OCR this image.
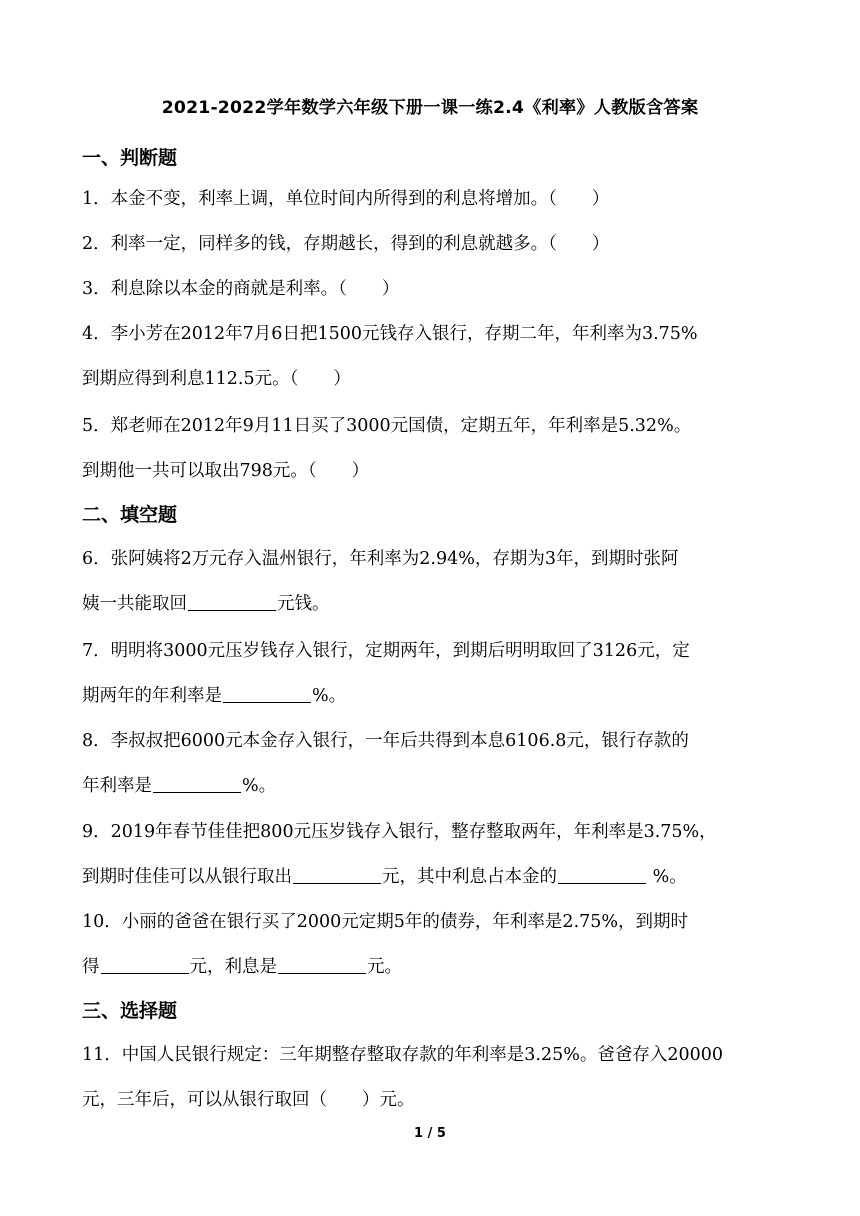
2021-2022学年数学六年级下册一课一练2.4《利率》人教版含答案
一、判断题
1．本金不变，利率上调，单位时间内所得到的利息将增加。（　　）
2．利率一定，同样多的钱，存期越长，得到的利息就越多。（　　）
3．利息除以本金的商就是利率。（　　）
4．李小芳在2012年7月6日把1500元钱存入银行，存期二年，年利率为3.75%
到期应得到利息112.5元。（　　）
5．郑老师在2012年9月11日买了3000元国债，定期五年，年利率是5.32%。
到期他一共可以取出798元。（　　）
二、填空题
6．张阿姨将2万元存入温州银行，年利率为2.94%，存期为3年，到期时张阿
姨一共能取回	元钱。
7．明明将3000元压岁钱存入银行，定期两年，到期后明明取回了3126元，定
期两年的年利率是	%。
8．李叔叔把6000元本金存入银行，一年后共得到本息6106.8元，银行存款的
年利率是	%。
9．2019年春节佳佳把800元压岁钱存入银行，整存整取两年，年利率是3.75%，
到期时佳佳可以从银行取出	元，其中利息占本金的	%。
10．小丽的爸爸在银行买了2000元定期5年的债券，年利率是2.75%，到期时
得	元，利息是	元。
三、选择题
11．中国人民银行规定：三年期整存整取存款的年利率是3.25%。爸爸存入20000
元，三年后，可以从银行取回（　　）元。
1 / 5
